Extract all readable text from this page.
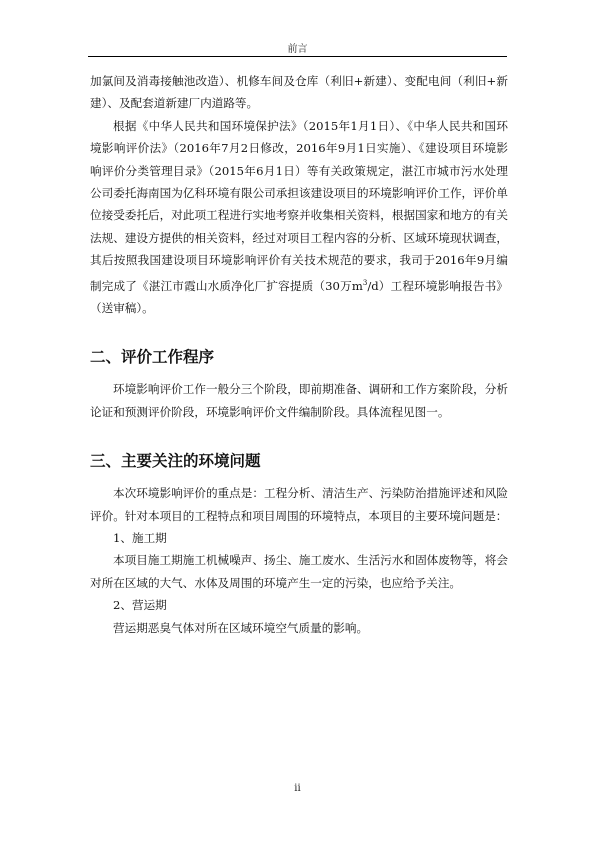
前言

加氯间及消毒接触池改造）、机修车间及仓库（利旧+新建）、变配电间（利旧+新建）、及配套道新建厂内道路等。

根据《中华人民共和国环境保护法》（2015年1月1日）、《中华人民共和国环境影响评价法》（2016年7月2日修改，2016年9月1日实施）、《建设项目环境影响评价分类管理目录》（2015年6月1日）等有关政策规定，湛江市城市污水处理公司委托海南国为亿科环境有限公司承担该建设项目的环境影响评价工作，评价单位接受委托后，对此项工程进行实地考察并收集相关资料，根据国家和地方的有关法规、建设方提供的相关资料，经过对项目工程内容的分析、区域环境现状调查，其后按照我国建设项目环境影响评价有关技术规范的要求，我司于2016年9月编制完成了《湛江市霞山水质净化厂扩容提质（30万$m^3/d$）工程环境影响报告书》（送审稿）。

二、评价工作程序

环境影响评价工作一般分三个阶段，即前期准备、调研和工作方案阶段，分析论证和预测评价阶段，环境影响评价文件编制阶段。具体流程见图一。

三、主要关注的环境问题

本次环境影响评价的重点是：工程分析、清洁生产、污染防治措施评述和风险评价。针对本项目的工程特点和项目周围的环境特点，本项目的主要环境问题是：

1、施工期

本项目施工期施工机械噪声、扬尘、施工废水、生活污水和固体废物等，将会对所在区域的大气、水体及周围的环境产生一定的污染，也应给予关注。

2、营运期

营运期恶臭气体对所在区域环境空气质量的影响。

ii
